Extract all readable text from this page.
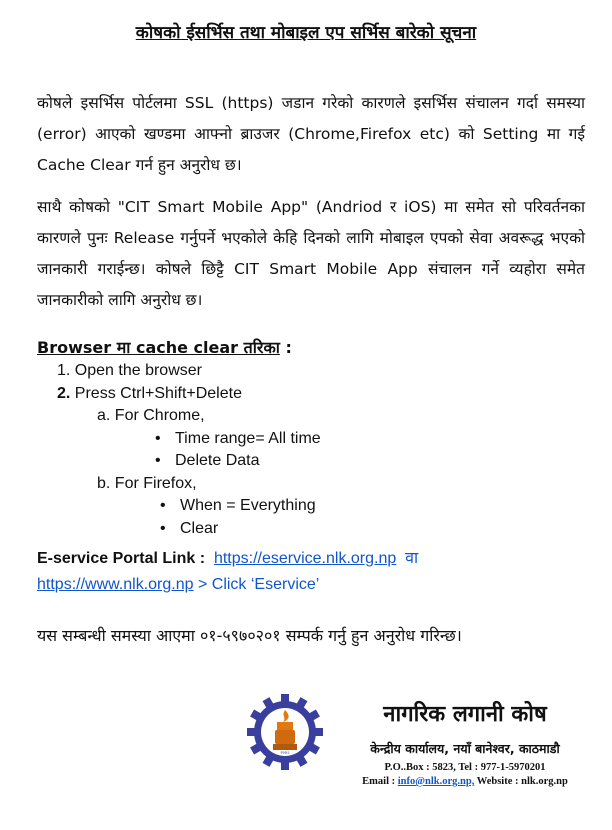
कोषको ईसर्भिस तथा मोबाइल एप सर्भिस बारेको सूचना
कोषले इसर्भिस पोर्टलमा SSL (https) जडान गरेको कारणले इसर्भिस संचालन गर्दा समस्या (error) आएको खण्डमा आफ्नो ब्राउजर (Chrome,Firefox etc) को Setting मा गई Cache Clear गर्न हुन अनुरोध छ।
साथै कोषको "CIT Smart Mobile App" (Andriod र iOS) मा समेत सो परिवर्तनका कारणले पुनः Release गर्नुपर्ने भएकोले केहि दिनको लागि मोबाइल एपको सेवा अवरूद्ध भएको जानकारी गराईन्छ। कोषले छिट्टै CIT Smart Mobile App संचालन गर्ने व्यहोरा समेत जानकारीको लागि अनुरोध छ।
Browser मा cache clear तरिका :
1. Open the browser
2. Press Ctrl+Shift+Delete
a. For Chrome,
• Time range= All time
• Delete Data
b. For Firefox,
• When = Everything
• Clear
E-service Portal Link : https://eservice.nlk.org.np वा
https://www.nlk.org.np > Click ‘Eservice’
यस सम्बन्धी समस्या आएमा ०१-५९७०२०१ सम्पर्क गर्नु हुन अनुरोध गरिन्छ।
२०४८
नागरिक लगानी कोष
केन्द्रीय कार्यालय, नयाँ बानेश्वर, काठमाडौ
P.O..Box : 5823, Tel : 977-1-5970201
Email : info@nlk.org.np, Website : nlk.org.np
